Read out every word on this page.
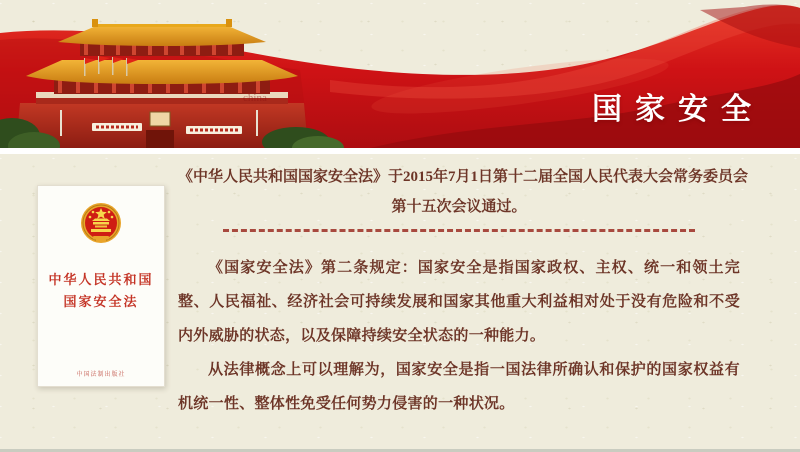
china	国家安全
中华人民共和国
国家安全法
中国法制出版社
《中华人民共和国国家安全法》于2015年7月1日第十二届全国人民代表大会常务委员会
第十五次会议通过。

《国家安全法》第二条规定：国家安全是指国家政权、主权、统一和领土完整、人民福祉、经济社会可持续发展和国家其他重大利益相对处于没有危险和不受内外威胁的状态，以及保障持续安全状态的一种能力。

从法律概念上可以理解为，国家安全是指一国法律所确认和保护的国家权益有机统一性、整体性免受任何势力侵害的一种状况。
